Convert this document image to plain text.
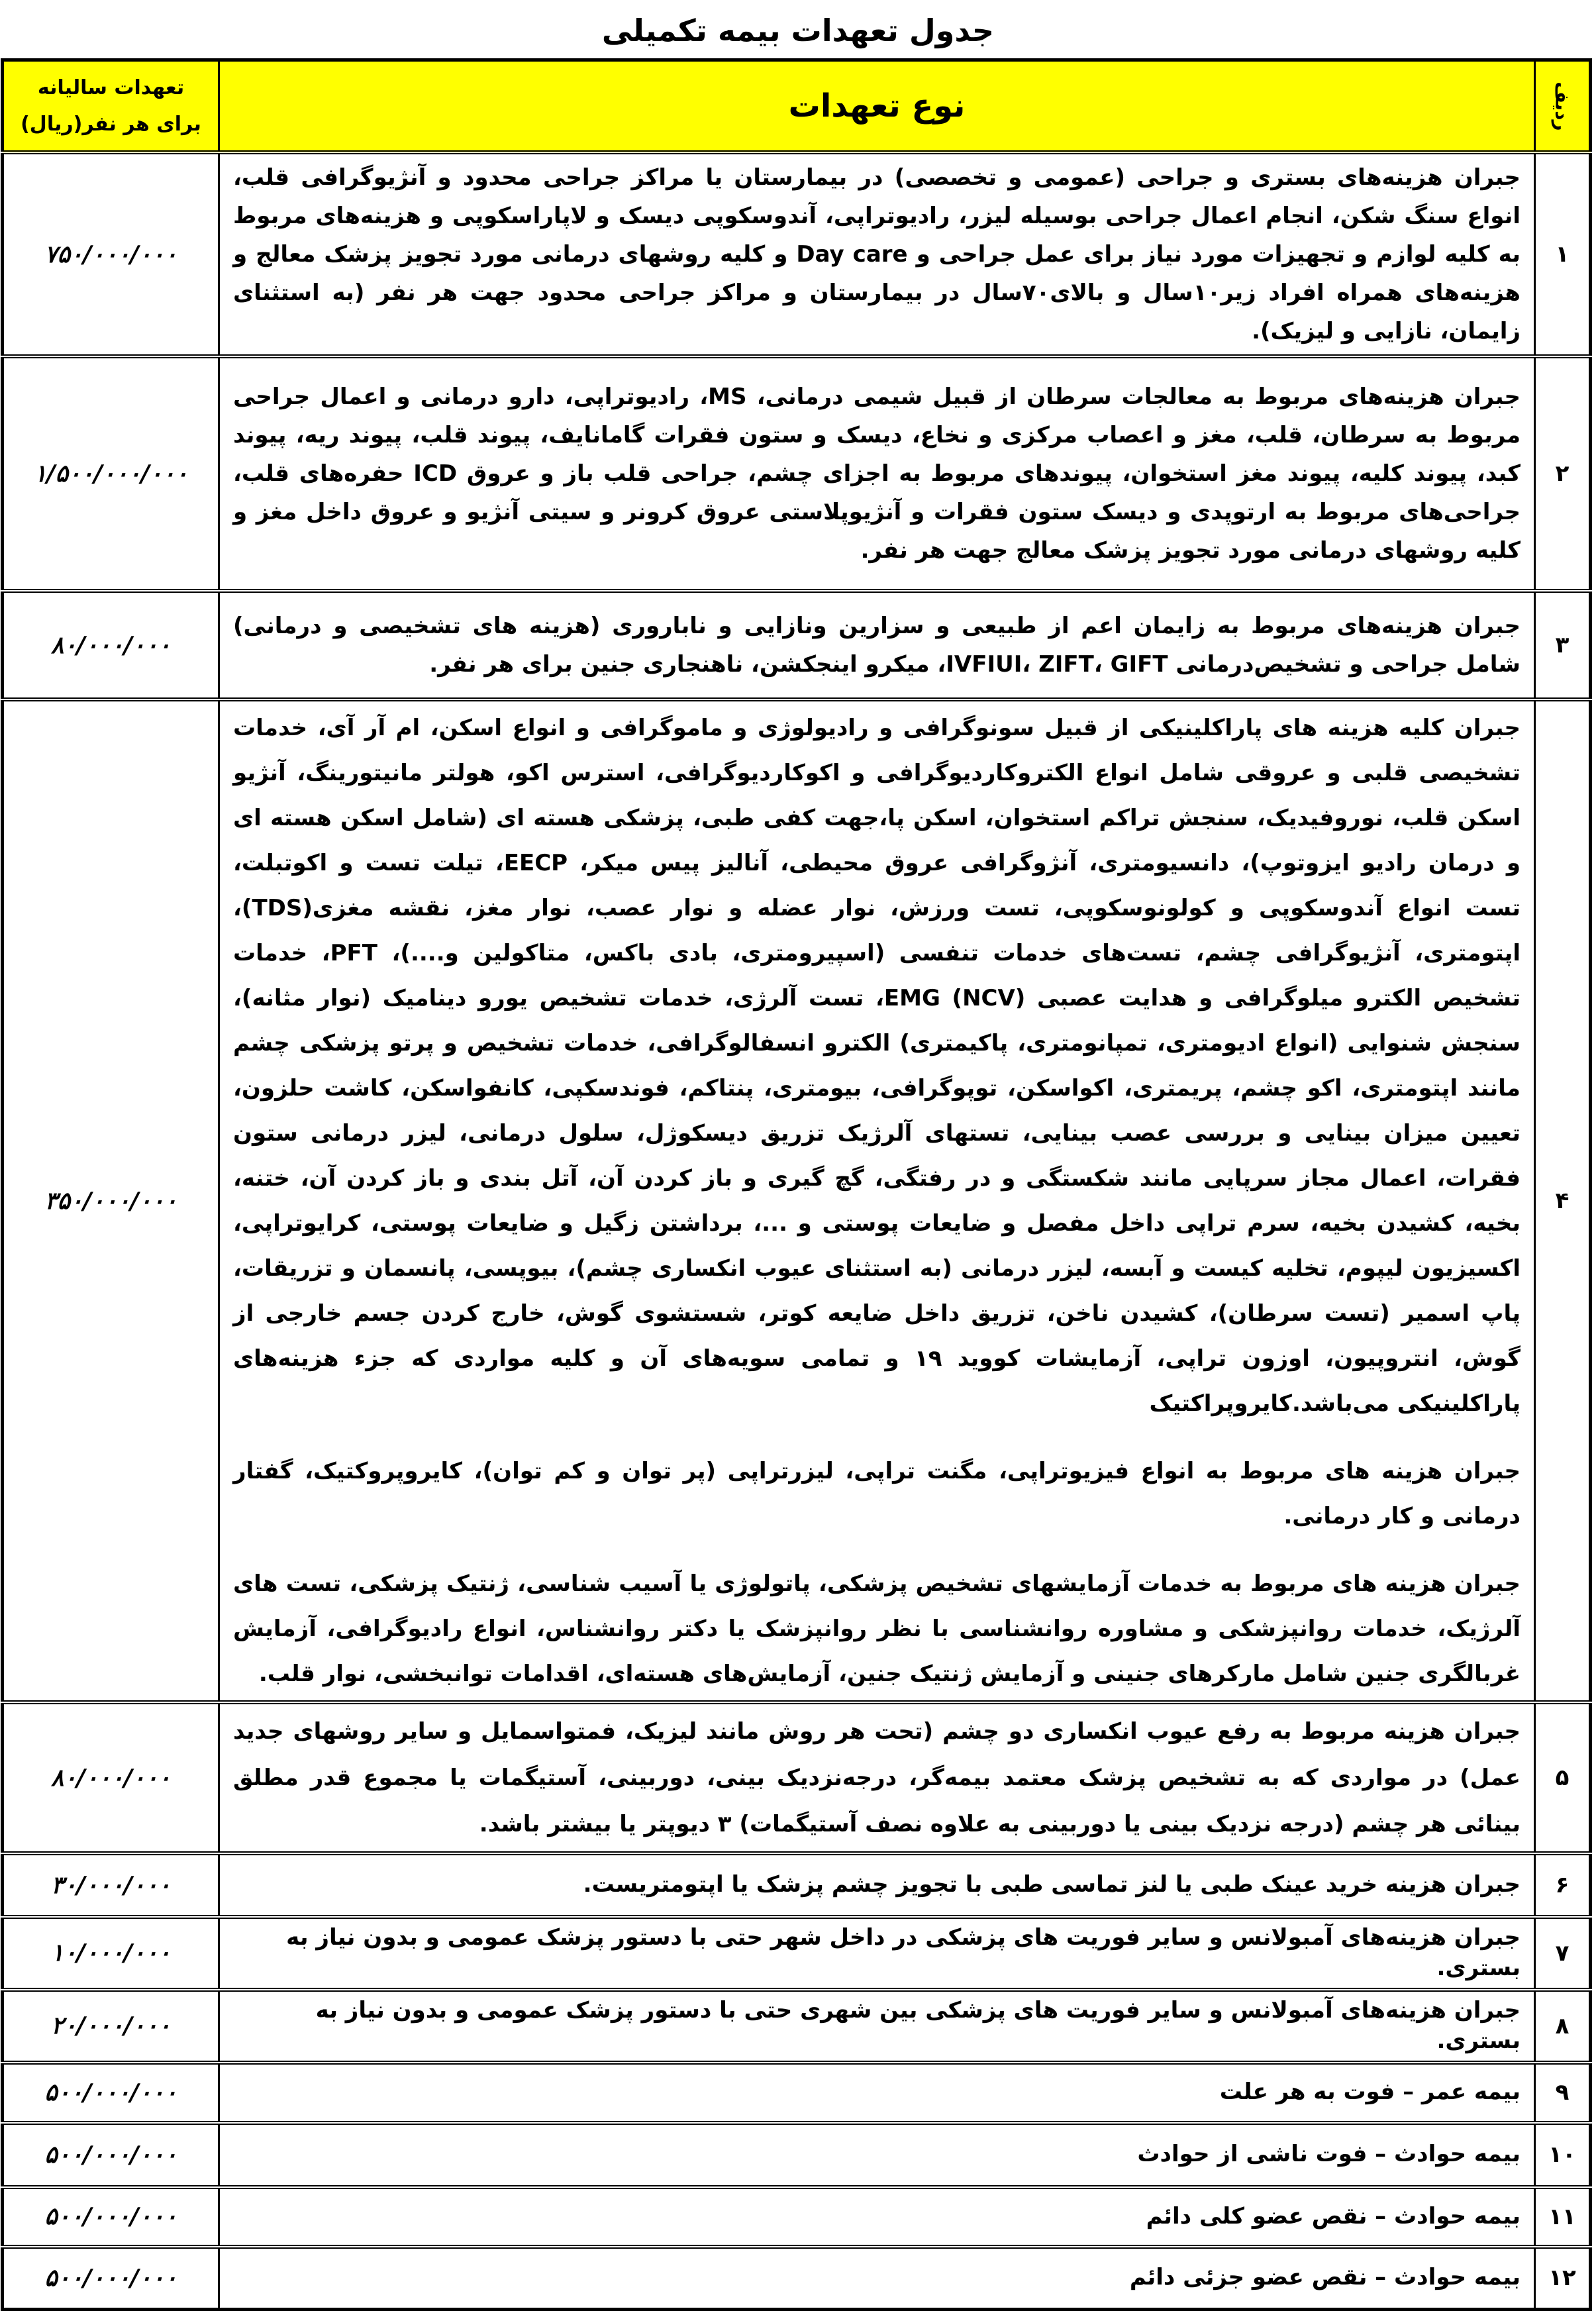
جدول تعهدات بیمه تکمیلی
ردیف	نوع تعهدات	تعهدات سالیانه
برای هر نفر(ریال)

۱	جبران هزینه‌های بستری و جراحی (عمومی و تخصصی) در بیمارستان یا مراکز جراحی محدود و آنژیوگرافی قلب، انواع سنگ شکن، انجام اعمال جراحی بوسیله لیزر، رادیوتراپی، آندوسکوپی دیسک و لاپاراسکوپی و هزینه‌های مربوط به کلیه لوازم و تجهیزات مورد نیاز برای عمل جراحی و Day care و کلیه روشهای درمانی مورد تجویز پزشک معالج و هزینه‌های همراه افراد زیر۱۰سال و بالای۷۰سال در بیمارستان و مراکز جراحی محدود جهت هر نفر (به استثنای زایمان، نازایی و لیزیک).	۷۵۰/۰۰۰/۰۰۰
۲	جبران هزینه‌های مربوط به معالجات سرطان از قبیل شیمی درمانی، MS، رادیوتراپی، دارو درمانی و اعمال جراحی مربوط به سرطان، قلب، مغز و اعصاب مرکزی و نخاع، دیسک و ستون فقرات گامانایف، پیوند قلب، پیوند ریه، پیوند کبد، پیوند کلیه، پیوند مغز استخوان، پیوندهای مربوط به اجزای چشم، جراحی قلب باز و عروق ICD حفره‌های قلب، جراحی‌های مربوط به ارتوپدی و دیسک ستون فقرات و آنژیوپلاستی عروق کرونر و سیتی آنژیو و عروق داخل مغز و کلیه روشهای درمانی مورد تجویز پزشک معالج جهت هر نفر.	۱/۵۰۰/۰۰۰/۰۰۰
۳	جبران هزینه‌های مربوط به زایمان اعم از طبیعی و سزارین ونازایی و ناباروری (هزینه های تشخیصی و درمانی) شامل جراحی و تشخیص‌درمانی IVFIUI، ZIFT، GIFT، میکرو اینجکشن، ناهنجاری جنین برای هر نفر.	۸۰/۰۰۰/۰۰۰
۴	جبران کلیه هزینه های پاراکلینیکی از قبیل سونوگرافی و رادیولوژی و ماموگرافی و انواع اسکن، ام آر آی، خدمات تشخیصی قلبی و عروقی شامل انواع الکتروکاردیوگرافی و اکوکاردیوگرافی، استرس اکو، هولتر مانیتورینگ، آنژیو اسکن قلب، نوروفیدیک، سنجش تراکم استخوان، اسکن پا،جهت کفی طبی، پزشکی هسته ای (شامل اسکن هسته ای و درمان رادیو ایزوتوپ)، دانسیومتری، آنژوگرافی عروق محیطی، آنالیز پیس میکر، EECP، تیلت تست و اکوتبلت، تست انواع آندوسکوپی و کولونوسکوپی، تست ورزش، نوار عضله و نوار عصب، نوار مغز، نقشه مغزی(TDS)، اپتومتری، آنژیوگرافی چشم، تست‌های خدمات تنفسی (اسپیرومتری، بادی باکس، متاکولین و....)، PFT، خدمات تشخیص الکترو میلوگرافی و هدایت عصبی EMG (NCV)، تست آلرژی، خدمات تشخیص یورو دینامیک (نوار مثانه)، سنجش شنوایی (انواع ادیومتری، تمپانومتری، پاکیمتری) الکترو انسفالوگرافی، خدمات تشخیص و پرتو پزشکی چشم مانند اپتومتری، اکو چشم، پریمتری، اکواسکن، توپوگرافی، بیومتری، پنتاکم، فوندسکپی، کانفواسکن، کاشت حلزون، تعیین میزان بینایی و بررسی عصب بینایی، تستهای آلرژیک تزریق دیسکوژل، سلول درمانی، لیزر درمانی ستون فقرات، اعمال مجاز سرپایی مانند شکستگی و در رفتگی، گچ گیری و باز کردن آن، آتل بندی و باز کردن آن، ختنه، بخیه، کشیدن بخیه، سرم تراپی داخل مفصل و ضایعات پوستی و ...، برداشتن زگیل و ضایعات پوستی، کرایوتراپی، اکسیزیون لیپوم، تخلیه کیست و آبسه، لیزر درمانی (به استثنای عیوب انکساری چشم)، بیوپسی، پانسمان و تزریقات، پاپ اسمیر (تست سرطان)، کشیدن ناخن، تزریق داخل ضایعه کوتر، شستشوی گوش، خارج کردن جسم خارجی از گوش، انتروپیون، اوزون تراپی، آزمایشات کووید ۱۹ و تمامی سویه‌های آن و کلیه مواردی که جزء هزینه‌های پاراکلینیکی می‌باشد.کایروپراکتیک

جبران هزینه های مربوط به انواع فیزیوتراپی، مگنت تراپی، لیزرتراپی (پر توان و کم توان)، کایروپروکتیک، گفتار درمانی و کار درمانی.

جبران هزینه های مربوط به خدمات آزمایشهای تشخیص پزشکی، پاتولوژی یا آسیب شناسی، ژنتیک پزشکی، تست های آلرژیک، خدمات روانپزشکی و مشاوره روانشناسی با نظر روانپزشک یا دکتر روانشناس، انواع رادیوگرافی، آزمایش غربالگری جنین شامل مارکرهای جنینی و آزمایش ژنتیک جنین، آزمایش‌های هسته‌ای، اقدامات توانبخشی، نوار قلب.	۳۵۰/۰۰۰/۰۰۰
۵	جبران هزینه مربوط به رفع عیوب انکساری دو چشم (تحت هر روش مانند لیزیک، فمتواسمایل و سایر روشهای جدید عمل) در مواردی که به تشخیص پزشک معتمد بیمه‌گر، درجه‌نزدیک بینی، دوربینی، آستیگمات یا مجموع قدر مطلق بینائی هر چشم (درجه نزدیک بینی یا دوربینی به علاوه نصف آستیگمات) ۳ دیوپتر یا بیشتر باشد.	۸۰/۰۰۰/۰۰۰
۶	جبران هزینه خرید عینک طبی یا لنز تماسی طبی با تجویز چشم پزشک یا اپتومتریست.	۳۰/۰۰۰/۰۰۰
۷	جبران هزینه‌های آمبولانس و سایر فوریت های پزشکی در داخل شهر حتی با دستور پزشک عمومی و بدون نیاز به بستری.	۱۰/۰۰۰/۰۰۰
۸	جبران هزینه‌های آمبولانس و سایر فوریت های پزشکی بین شهری حتی با دستور پزشک عمومی و بدون نیاز به بستری.	۲۰/۰۰۰/۰۰۰
۹	بیمه عمر – فوت به هر علت	۵۰۰/۰۰۰/۰۰۰
۱۰	بیمه حوادث – فوت ناشی از حوادث	۵۰۰/۰۰۰/۰۰۰
۱۱	بیمه حوادث – نقص عضو کلی دائم	۵۰۰/۰۰۰/۰۰۰
۱۲	بیمه حوادث – نقص عضو جزئی دائم	۵۰۰/۰۰۰/۰۰۰
